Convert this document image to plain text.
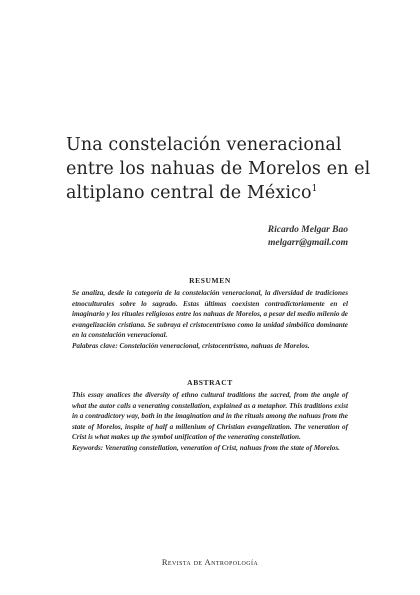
Una constelación veneracional entre los nahuas de Morelos en el altiplano central de México$^1$
Ricardo Melgar Bao
melgarr@gmail.com
RESUMEN

Se analiza, desde la categoría de la constelación veneracional, la diversidad de tradiciones etnoculturales sobre lo sagrado. Estas últimas coexisten contradictoriamente en el imaginario y los rituales religiosos entre los nahuas de Morelos, a pesar del medio milenio de evangelización cristiana. Se subraya el cristocentrismo como la unidad simbólica dominante en la constelación veneracional.

Palabras clave: Constelación veneracional, cristocentrismo, nahuas de Morelos.

ABSTRACT

This essay analices the diversity of ethno cultural traditions the sacred, from the angle of what the autor calls a venerating constellation, explained as a metaphor. This traditions exist in a contradictory way, both in the imagination and in the rituals among the nahuas from the state of Morelos, inspite of half a millenium of Christian evangelization. The veneration of Crist is what makes up the symbol unification of the venerating constellation.

Keywords: Venerating constellation, veneration of Crist, nahuas from the state of Morelos.

Revista de Antropología
